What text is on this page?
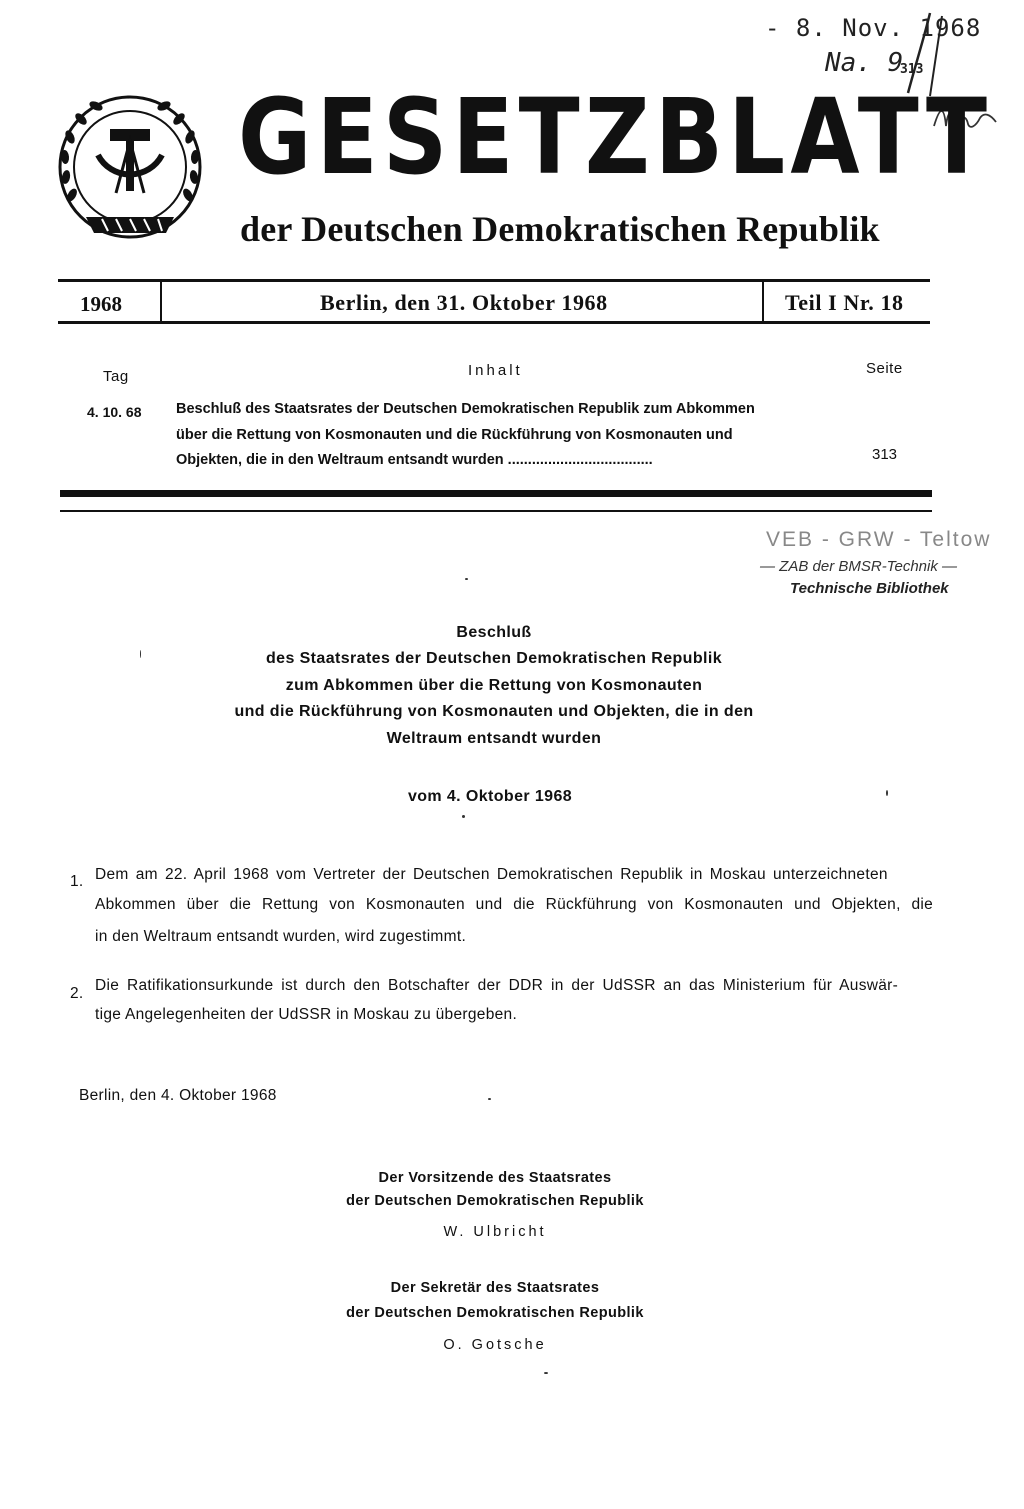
- 8. Nov. 1968
Na. 9
313
GESETZBLATT
der Deutschen Demokratischen Republik
1968	Berlin, den 31. Oktober 1968	Teil I Nr. 18
Tag	Inhalt	Seite
4. 10. 68 Beschluß des Staatsrates der Deutschen Demokratischen Republik zum Abkommen
über die Rettung von Kosmonauten und die Rückführung von Kosmonauten und
Objekten, die in den Weltraum entsandt wurden ....................................	313
VEB - GRW - Teltow
— ZAB der BMSR-Technik —
Technische Bibliothek
Beschluß
des Staatsrates der Deutschen Demokratischen Republik
zum Abkommen über die Rettung von Kosmonauten
und die Rückführung von Kosmonauten und Objekten, die in den
Weltraum entsandt wurden
vom 4. Oktober 1968
1. Dem am 22. April 1968 vom Vertreter der Deutschen Demokratischen Republik in Moskau unterzeichneten
Abkommen über die Rettung von Kosmonauten und die Rückführung von Kosmonauten und Objekten, die
in den Weltraum entsandt wurden, wird zugestimmt.
2. Die Ratifikationsurkunde ist durch den Botschafter der DDR in der UdSSR an das Ministerium für Auswär-
tige Angelegenheiten der UdSSR in Moskau zu übergeben.
Berlin, den 4. Oktober 1968
Der Vorsitzende des Staatsrates
der Deutschen Demokratischen Republik
W. Ulbricht
Der Sekretär des Staatsrates
der Deutschen Demokratischen Republik
O. Gotsche
